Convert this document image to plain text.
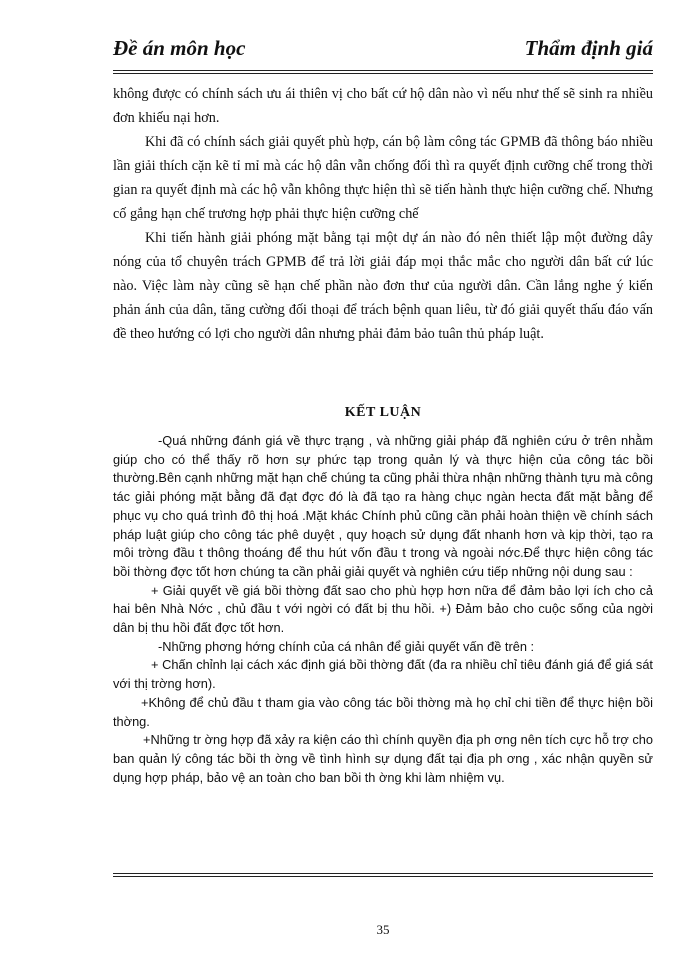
Đề án môn học	Thẩm định giá

không được có chính sách ưu ái thiên vị cho bất cứ hộ dân nào vì nếu như thế sẽ sinh ra nhiều đơn khiếu nại hơn.

Khi đã có chính sách giải quyết phù hợp, cán bộ làm công tác GPMB đã thông báo nhiều lần giải thích cặn kẽ tỉ mỉ mà các hộ dân vẫn chống đối thì ra quyết định cưỡng chế trong thời gian ra quyết định mà các hộ vẫn không thực hiện thì sẽ tiến hành thực hiện cưỡng chế. Nhưng cố gắng hạn chế trương hợp phải thực hiện cưỡng chế

Khi tiến hành giải phóng mặt bằng tại một dự án nào đó nên thiết lập một đường dây nóng của tổ chuyên trách GPMB để trả lời giải đáp mọi thắc mắc cho người dân bất cứ lúc nào. Việc làm này cũng sẽ hạn chế phần nào đơn thư của người dân. Cần lắng nghe ý kiến phản ánh của dân, tăng cường đối thoại để trách bệnh quan liêu, từ đó giải quyết thấu đáo vấn đề theo hướng có lợi cho người dân nhưng phải đảm bảo tuân thủ pháp luật.

KẾT LUẬN

-Quá những đánh giá về thực trạng , và những giải pháp đã nghiên cứu ở trên nhằm giúp cho có thể thấy rõ hơn sự phức tạp trong quản lý và thực hiện của công tác bồi thường.Bên cạnh những mặt hạn chế chúng ta cũng phải thừa nhận những thành tựu mà công tác giải phóng mặt bằng đã đạt đợc đó là đã tạo ra hàng chục ngàn hecta đất mặt bằng để phục vụ cho quá trình đô thị hoá .Mặt khác Chính phủ cũng cần phải hoàn thiện về chính sách pháp luật giúp cho công tác phê duyệt , quy hoạch sử dụng đất nhanh hơn và kịp thời, tạo ra môi trờng đầu t thông thoáng để thu hút vốn đầu t trong và ngoài nớc.Để thực hiện công tác bồi thờng đợc tốt hơn chúng ta cần phải giải quyết và nghiên cứu tiếp những nội dung sau :

+ Giải quyết về giá bồi thờng đất sao cho phù hợp hơn nữa để đảm bảo lợi ích cho cả hai bên Nhà Nớc , chủ đầu t với ngời có đất bị thu hồi. +) Đảm bảo cho cuộc sống của ngời dân bị thu hồi đất đợc tốt hơn.

-Những phơng hớng chính của cá nhân để giải quyết vấn đề trên :

+ Chấn chỉnh lại cách xác định giá bồi thờng đất (đa ra nhiều chỉ tiêu đánh giá để giá sát với thị trờng hơn).

+Không để chủ đầu t tham gia vào công tác bồi thờng mà họ chỉ chi tiền để thực hiện bồi thờng.

+Những tr ờng hợp đã xảy ra kiện cáo thì chính quyền địa ph ơng nên tích cực hỗ trợ cho ban quản lý công tác bồi th ờng về tình hình sự dụng đất tại địa ph ơng , xác nhận quyền sử dụng hợp pháp, bảo vệ an toàn cho ban bồi th ờng khi làm nhiệm vụ.

35
